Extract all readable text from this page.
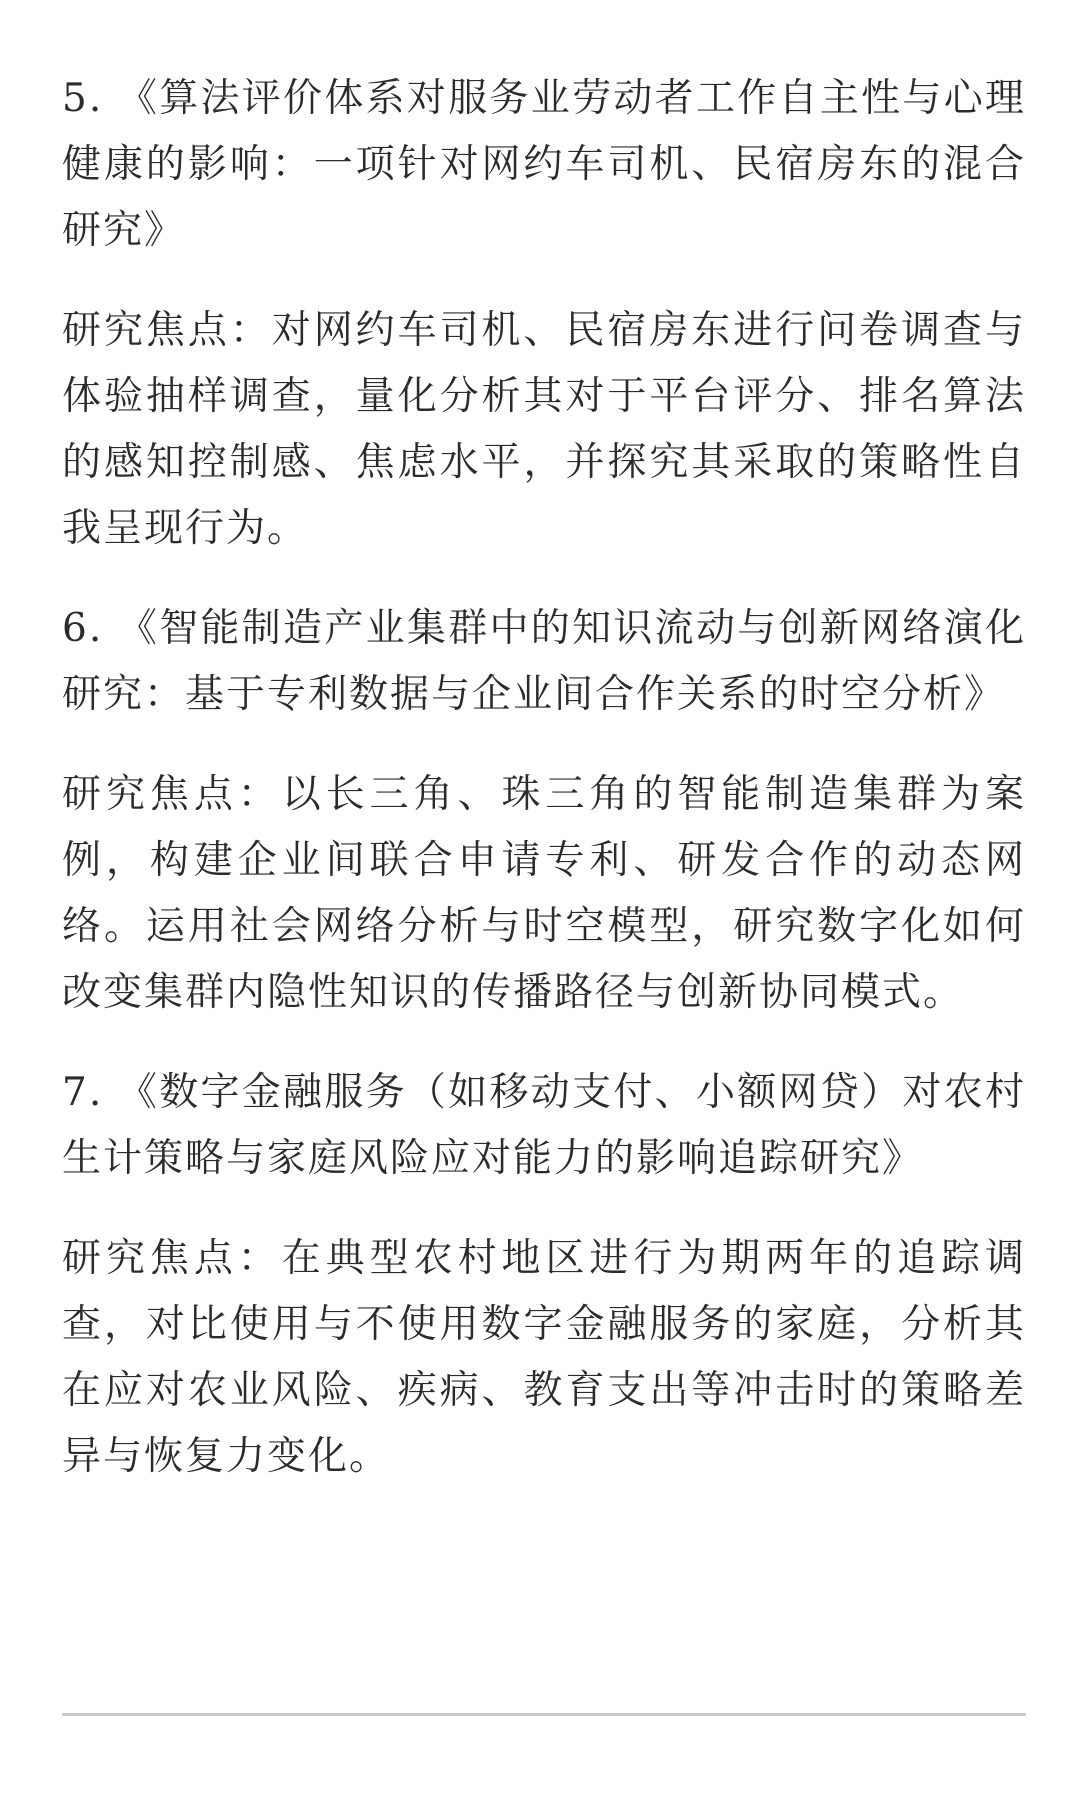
5. 《算法评价体系对服务业劳动者工作自主性与心理健康的影响：一项针对网约车司机、民宿房东的混合研究》

研究焦点：对网约车司机、民宿房东进行问卷调查与体验抽样调查，量化分析其对于平台评分、排名算法的感知控制感、焦虑水平，并探究其采取的策略性自我呈现行为。

6. 《智能制造产业集群中的知识流动与创新网络演化研究：基于专利数据与企业间合作关系的时空分析》

研究焦点：以长三角、珠三角的智能制造集群为案例，构建企业间联合申请专利、研发合作的动态网络。运用社会网络分析与时空模型，研究数字化如何改变集群内隐性知识的传播路径与创新协同模式。

7. 《数字金融服务（如移动支付、小额网贷）对农村生计策略与家庭风险应对能力的影响追踪研究》

研究焦点：在典型农村地区进行为期两年的追踪调查，对比使用与不使用数字金融服务的家庭，分析其在应对农业风险、疾病、教育支出等冲击时的策略差异与恢复力变化。
